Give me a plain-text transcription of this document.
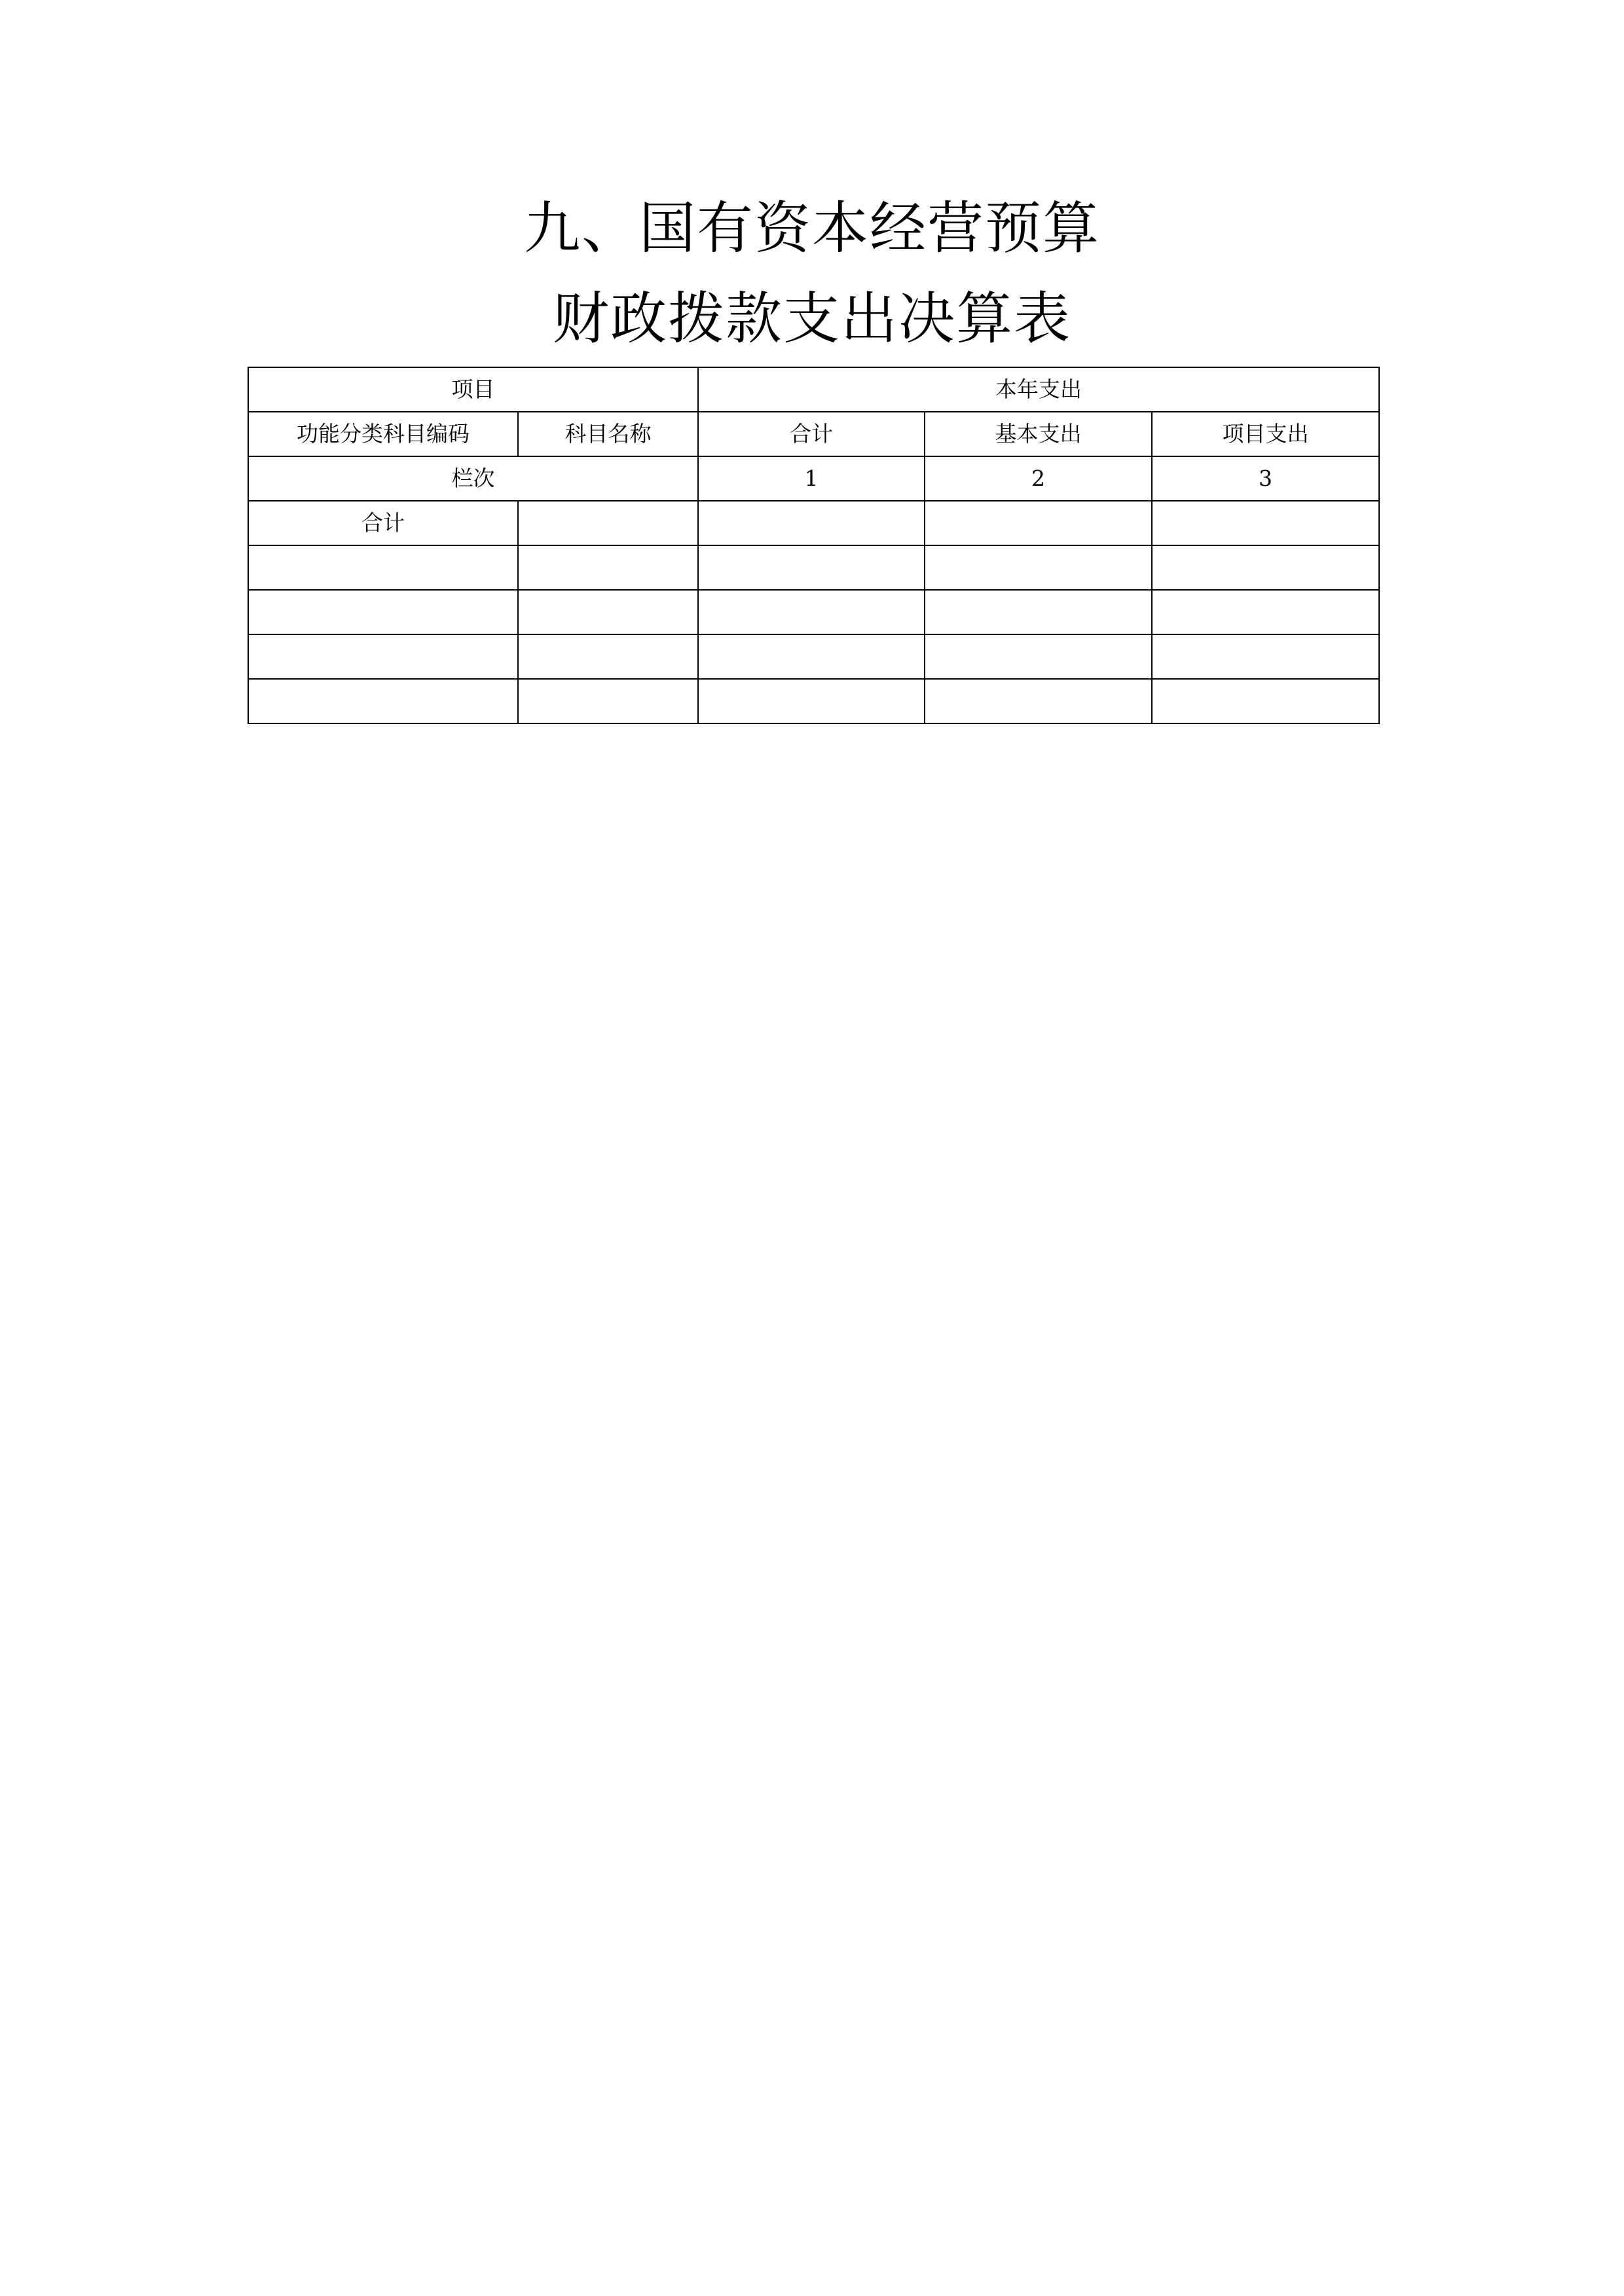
九、国有资本经营预算
财政拨款支出决算表
项目		本年支出		
功能分类科目编码	科目名称	合计	基本支出	项目支出
栏次		1	2	3
合计				
